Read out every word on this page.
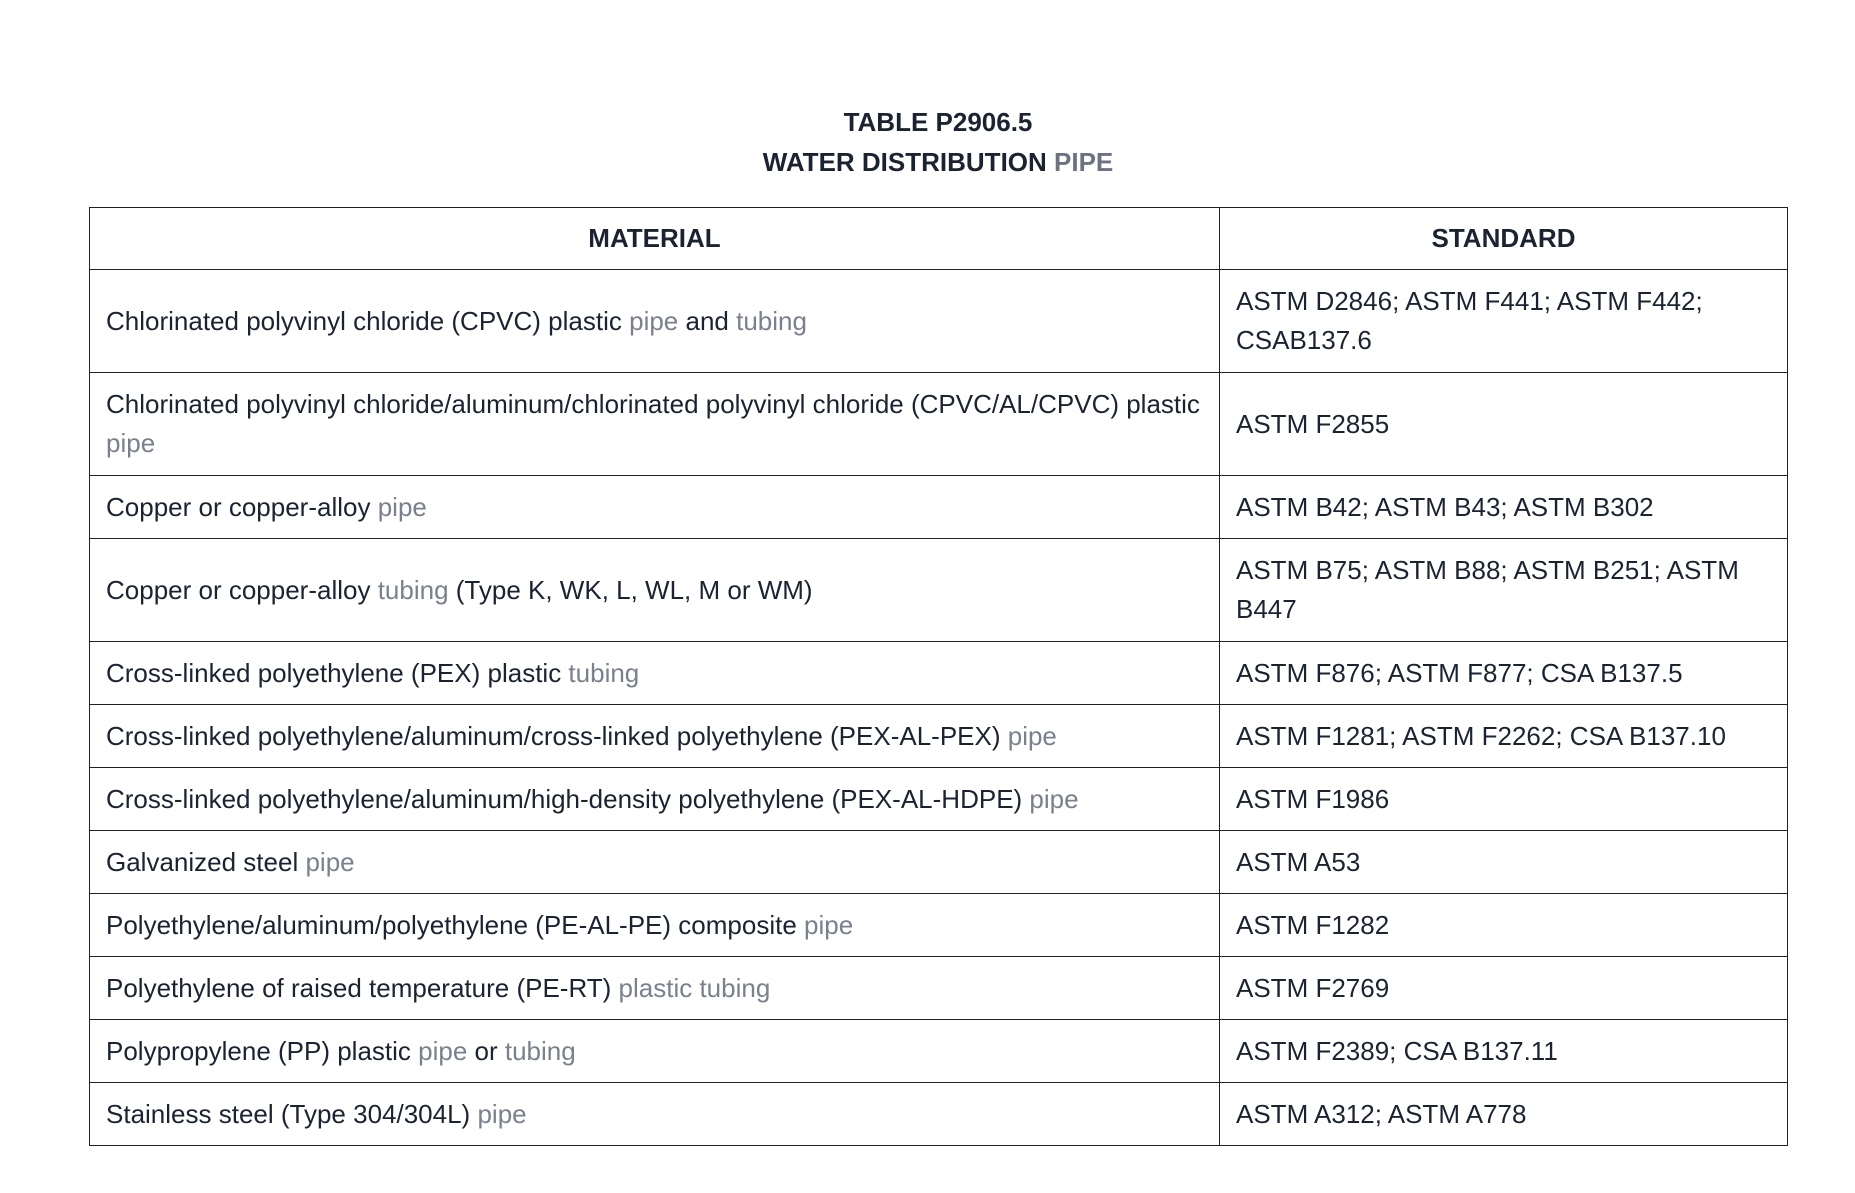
TABLE P2906.5
WATER DISTRIBUTION PIPE
MATERIAL	STANDARD
Chlorinated polyvinyl chloride (CPVC) plastic pipe and tubing	ASTM D2846; ASTM F441; ASTM F442; CSAB137.6
Chlorinated polyvinyl chloride/aluminum/chlorinated polyvinyl chloride (CPVC/AL/CPVC) plastic pipe	ASTM F2855
Copper or copper-alloy pipe	ASTM B42; ASTM B43; ASTM B302
Copper or copper-alloy tubing (Type K, WK, L, WL, M or WM)	ASTM B75; ASTM B88; ASTM B251; ASTM B447
Cross-linked polyethylene (PEX) plastic tubing	ASTM F876; ASTM F877; CSA B137.5
Cross-linked polyethylene/aluminum/cross-linked polyethylene (PEX-AL-PEX) pipe	ASTM F1281; ASTM F2262; CSA B137.10
Cross-linked polyethylene/aluminum/high-density polyethylene (PEX-AL-HDPE) pipe	ASTM F1986
Galvanized steel pipe	ASTM A53
Polyethylene/aluminum/polyethylene (PE-AL-PE) composite pipe	ASTM F1282
Polyethylene of raised temperature (PE-RT) plastic tubing	ASTM F2769
Polypropylene (PP) plastic pipe or tubing	ASTM F2389; CSA B137.11
Stainless steel (Type 304/304L) pipe	ASTM A312; ASTM A778
